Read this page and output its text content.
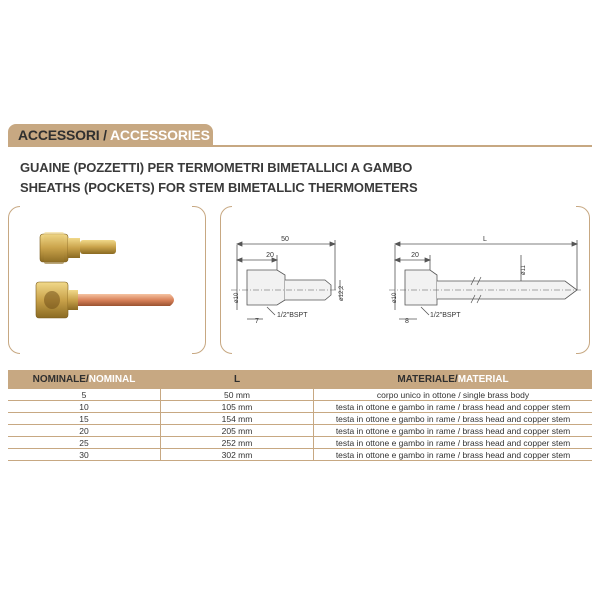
ACCESSORI / ACCESSORIES
GUAINE (POZZETTI) PER TERMOMETRI BIMETALLICI A GAMBO
SHEATHS (POCKETS) FOR STEM BIMETALLIC THERMOMETERS
50
20
ø10	ø12,2
7
1/2"BSPT
L
20
ø10
ø11
8
1/2"BSPT
NOMINALE/NOMINAL	L	MATERIALE/MATERIAL
5	50 mm	corpo unico in ottone / single brass body
10	105 mm	testa in ottone e gambo in rame / brass head and copper stem
15	154 mm	testa in ottone e gambo in rame / brass head and copper stem
20	205 mm	testa in ottone e gambo in rame / brass head and copper stem
25	252 mm	testa in ottone e gambo in rame / brass head and copper stem
30	302 mm	testa in ottone e gambo in rame / brass head and copper stem
